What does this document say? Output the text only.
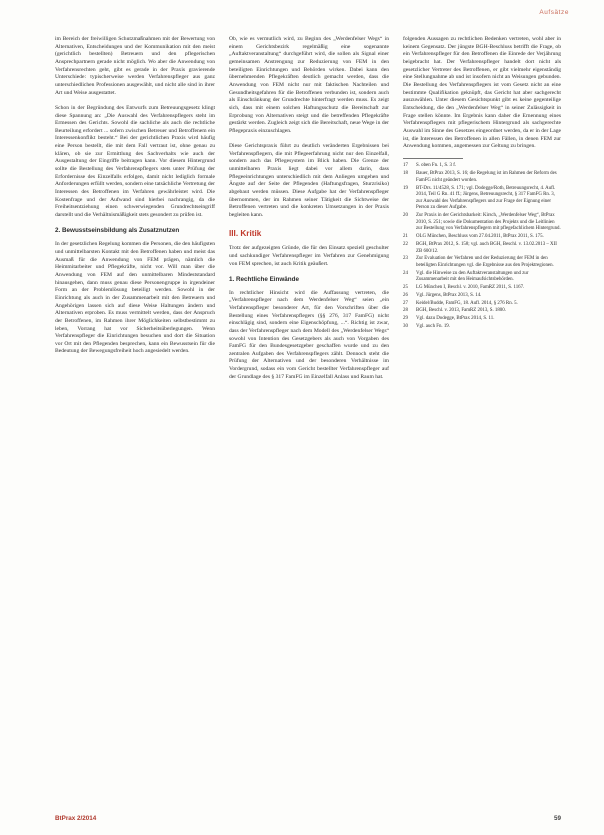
Aufsätze

im Bereich der freiwilligen Schutzmaßnahmen mit der Bewertung von Alternativen, Entscheidungen und der Kommunikation mit den meist (gerichtlich bestellten) Betreuern und den pflegerischen Ansprechpartnern gerade nicht möglich. Wo aber die Anwendung von Verfahrensrechten geht, gibt es gerade in der Praxis gravierende Unterschiede: typischerweise werden Verfahrenspfleger aus ganz unterschiedlichen Professionen ausgewählt, und nicht alle sind in ihrer Art und Weise ausgestattet.

Schon in der Begründung des Entwurfs zum Betreuungsgesetz klingt diese Spannung an: „Die Auswahl des Verfahrenspflegers steht im Ermessen des Gerichts. Sowohl die sachliche als auch die rechtliche Beurteilung erfordert ... sofern zwischen Betreuer und Betroffenem ein Interessenkonflikt besteht.“ Bei der gerichtlichen Praxis wird häufig eine Person bestellt, die mit dem Fall vertraut ist, ohne genau zu klären, ob sie zur Ermittlung des Sachverhalts wie auch der Ausgestaltung der Eingriffe beitragen kann. Vor diesem Hintergrund sollte die Bestellung des Verfahrenspflegers stets unter Prüfung der Erfordernisse des Einzelfalls erfolgen, damit nicht lediglich formale Anforderungen erfüllt werden, sondern eine tatsächliche Vertretung der Interessen des Betroffenen im Verfahren gewährleistet wird. Die Kostenfrage und der Aufwand sind hierbei nachrangig, da die Freiheitsentziehung einen schwerwiegenden Grundrechtseingriff darstellt und die Verhältnismäßigkeit stets gesondert zu prüfen ist.

2. Bewusstseinsbildung als Zusatznutzen

In der gesetzlichen Regelung kommen die Personen, die den häufigsten und unmittelbarsten Kontakt mit den Betroffenen haben und meist das Ausmaß für die Anwendung von FEM prägen, nämlich die Heimmitarbeiter und Pflegekräfte, nicht vor. Will man über die Anwendung von FEM auf den unmittelbaren Mindeststandard hinausgehen, dann muss genau diese Personengruppe in irgendeiner Form an der Problemlösung beteiligt werden. Sowohl in der Einrichtung als auch in der Zusammenarbeit mit den Betreuern und Angehörigen lassen sich auf diese Weise Haltungen ändern und Alternativen erproben. Es muss vermittelt werden, dass der Anspruch der Betroffenen, im Rahmen ihrer Möglichkeiten selbstbestimmt zu leben, Vorrang hat vor Sicherheitsüberlegungen. Wenn Verfahrenspfleger die Einrichtungen besuchen und dort die Situation vor Ort mit den Pflegenden besprechen, kann ein Bewusstsein für die Bedeutung der Bewegungsfreiheit hoch angesiedelt werden.

Ob, wie es vermutlich wird, zu Beginn des „Werdenfelser Wegs“ in einem Gerichtsbezirk regelmäßig eine sogenannte „Auftaktveranstaltung“ durchgeführt wird, die sollen als Signal einer gemeinsamen Anstrengung zur Reduzierung von FEM in den beteiligten Einrichtungen und Behörden wirken. Dabei kann den übernehmenden Pflegekräften deutlich gemacht werden, dass die Anwendung von FEM nicht nur mit faktischen Nachteilen und Gesundheitsgefahren für die Betroffenen verbunden ist, sondern auch als Einschränkung der Grundrechte hinterfragt werden muss. Es zeigt sich, dass mit einem solchen Haftungsschutz die Bereitschaft zur Erprobung von Alternativen steigt und die betreffenden Pflegekräfte gestärkt werden. Zugleich zeigt sich die Bereitschaft, neue Wege in der Pflegepraxis einzuschlagen.

Diese Gerichtspraxis führt zu deutlich veränderten Ergebnissen bei Verfahrenspflegern, die mit Pflegeerfahrung nicht nur den Einzelfall, sondern auch das Pflegesystem im Blick haben. Die Grenze der unmittelbaren Praxis liegt dabei vor allem darin, dass Pflegeeinrichtungen unterschiedlich mit dem Anliegen umgehen und Ängste auf der Seite der Pflegenden (Haftungsfragen, Sturzrisiko) abgebaut werden müssen. Diese Aufgabe hat der Verfahrenspfleger übernommen, der im Rahmen seiner Tätigkeit die Sichtweise der Betroffenen vertreten und die konkreten Umsetzungen in der Praxis begleiten kann.

III. Kritik

Trotz der aufgezeigten Gründe, die für den Einsatz speziell geschulter und sachkundiger Verfahrenspfleger im Verfahren zur Genehmigung von FEM sprechen, ist auch Kritik geäußert.

1. Rechtliche Einwände

In rechtlicher Hinsicht wird die Auffassung vertreten, die „Verfahrenspfleger nach dem Werdenfelser Weg“ seien „ein Verfahrenspfleger besonderer Art, für den Vorschriften über die Bestellung eines Verfahrenspflegers (§§ 276, 317 FamFG) nicht einschlägig sind, sondern eine Eigenschöpfung, ...“. Richtig ist zwar, dass der Verfahrenspfleger nach dem Modell des „Werdenfelser Wegs“ sowohl von Intention des Gesetzgebers als auch von Vorgaben des FamFG für den Bundesgesetzgeber geschaffen wurde und zu den zentralen Aufgaben des Verfahrenspflegers zählt. Dennoch steht die Prüfung der Alternativen und der besonderen Verhältnisse im Vordergrund, sodass ein vom Gericht bestellter Verfahrenspfleger auf der Grundlage des § 317 FamFG im Einzelfall Anlass und Raum hat.

folgenden Aussagen zu rechtlichen Bedenken vertreten, wohl aber in keinem Gegensatz. Der jüngste BGH-Beschluss betrifft die Frage, ob ein Verfahrenspfleger für den Betroffenen die Einrede der Verjährung beigebracht hat. Der Verfahrenspfleger handelt dort nicht als gesetzlicher Vertreter des Betroffenen, er gibt vielmehr eigenständig eine Stellungnahme ab und ist insofern nicht an Weisungen gebunden. Die Bestellung des Verfahrenspflegers ist vom Gesetz nicht an eine bestimmte Qualifikation geknüpft, das Gericht hat aber sachgerecht auszuwählen. Unter diesem Gesichtspunkt gibt es keine gegenteilige Entscheidung, die den „Werdenfelser Weg“ in seiner Zulässigkeit in Frage stellen könnte. Im Ergebnis kann daher die Ernennung eines Verfahrenspflegers mit pflegerischem Hintergrund als sachgerechte Auswahl im Sinne des Gesetzes eingeordnet werden, da er in der Lage ist, die Interessen des Betroffenen in allen Fällen, in denen FEM zur Anwendung kommen, angemessen zur Geltung zu bringen.

17	S. oben Fn. 1, S. 3 f.
18	Bauer, BtPrax 2013, S. 16; die Regelung ist im Rahmen der Reform des FamFG nicht geändert worden.
19	BT-Drs. 11/4528, S. 171; vgl. Dodegge/Roth, Betreuungsrecht, 4. Aufl. 2014, Teil G Rn. 41 ff.; Jürgens, Betreuungsrecht, § 317 FamFG Rn. 3, zur Auswahl des Verfahrenspflegers und zur Frage der Eignung einer Person zu dieser Aufgabe.
20	Zur Praxis in der Gerichtsbarkeit: Kirsch, „Werdenfelser Weg“, BtPrax 2010, S. 251; sowie die Dokumentation des Projekts und die Leitlinien zur Bestellung von Verfahrenspflegern mit pflegefachlichem Hintergrund.
21	OLG München, Beschluss vom 27.04.2011, BtPrax 2011, S. 175.
22	BGH, BtPrax 2012, S. 158; vgl. auch BGH, Beschl. v. 13.02.2013 – XII ZB 600/12.
23	Zur Evaluation der Verfahren und der Reduzierung der FEM in den beteiligten Einrichtungen vgl. die Ergebnisse aus den Projektregionen.
24	Vgl. die Hinweise zu den Auftaktveranstaltungen und zur Zusammenarbeit mit den Heimaufsichtsbehörden.
25	LG München I, Beschl. v. 2010, FamRZ 2011, S. 1167.
26	Vgl. Jürgens, BtPrax 2013, S. 14.
27	Keidel/Budde, FamFG, 18. Aufl. 2014, § 276 Rn. 5.
28	BGH, Beschl. v. 2013, FamRZ 2013, S. 1800.
29	Vgl. dazu Dodegge, BtPrax 2014, S. 11.
30	Vgl. auch Fn. 19.
BtPrax 2/2014	59
